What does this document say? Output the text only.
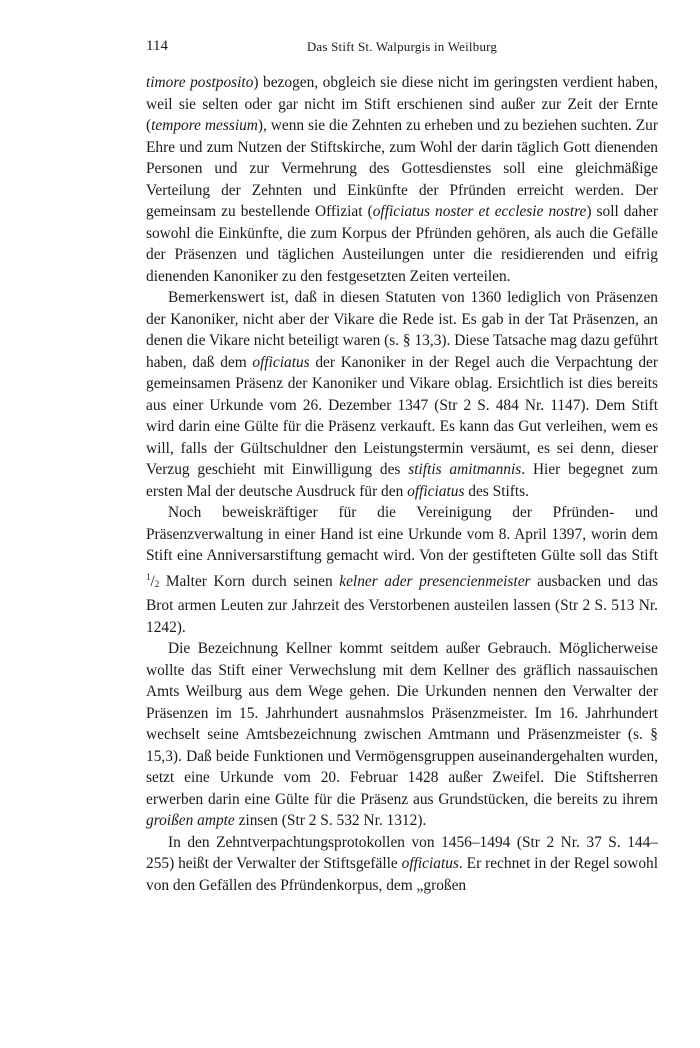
114	Das Stift St. Walpurgis in Weilburg

timore postposito) bezogen, obgleich sie diese nicht im geringsten verdient haben, weil sie selten oder gar nicht im Stift erschienen sind außer zur Zeit der Ernte (tempore messium), wenn sie die Zehnten zu erheben und zu beziehen suchten. Zur Ehre und zum Nutzen der Stiftskirche, zum Wohl der darin täglich Gott dienenden Personen und zur Vermehrung des Gottesdienstes soll eine gleichmäßige Verteilung der Zehnten und Einkünfte der Pfründen erreicht werden. Der gemeinsam zu bestellende Offiziat (officiatus noster et ecclesie nostre) soll daher sowohl die Einkünfte, die zum Korpus der Pfründen gehören, als auch die Gefälle der Präsenzen und täglichen Austeilungen unter die residierenden und eifrig dienenden Kanoniker zu den festgesetzten Zeiten verteilen.

Bemerkenswert ist, daß in diesen Statuten von 1360 lediglich von Präsenzen der Kanoniker, nicht aber der Vikare die Rede ist. Es gab in der Tat Präsenzen, an denen die Vikare nicht beteiligt waren (s. § 13,3). Diese Tatsache mag dazu geführt haben, daß dem officiatus der Kanoniker in der Regel auch die Verpachtung der gemeinsamen Präsenz der Kanoniker und Vikare oblag. Ersichtlich ist dies bereits aus einer Urkunde vom 26. Dezember 1347 (Str 2 S. 484 Nr. 1147). Dem Stift wird darin eine Gülte für die Präsenz verkauft. Es kann das Gut verleihen, wem es will, falls der Gültschuldner den Leistungstermin versäumt, es sei denn, dieser Verzug geschieht mit Einwilligung des stiftis amitmannis. Hier begegnet zum ersten Mal der deutsche Ausdruck für den officiatus des Stifts.

Noch beweiskräftiger für die Vereinigung der Pfründen- und Präsenzverwaltung in einer Hand ist eine Urkunde vom 8. April 1397, worin dem Stift eine Anniversarstiftung gemacht wird. Von der gestifteten Gülte soll das Stift $^1/_2$ Malter Korn durch seinen kelner ader presencienmeister ausbacken und das Brot armen Leuten zur Jahrzeit des Verstorbenen austeilen lassen (Str 2 S. 513 Nr. 1242).

Die Bezeichnung Kellner kommt seitdem außer Gebrauch. Möglicherweise wollte das Stift einer Verwechslung mit dem Kellner des gräflich nassauischen Amts Weilburg aus dem Wege gehen. Die Urkunden nennen den Verwalter der Präsenzen im 15. Jahrhundert ausnahmslos Präsenzmeister. Im 16. Jahrhundert wechselt seine Amtsbezeichnung zwischen Amtmann und Präsenzmeister (s. § 15,3). Daß beide Funktionen und Vermögensgruppen auseinandergehalten wurden, setzt eine Urkunde vom 20. Februar 1428 außer Zweifel. Die Stiftsherren erwerben darin eine Gülte für die Präsenz aus Grundstücken, die bereits zu ihrem groißen ampte zinsen (Str 2 S. 532 Nr. 1312).

In den Zehntverpachtungsprotokollen von 1456–1494 (Str 2 Nr. 37 S. 144–255) heißt der Verwalter der Stiftsgefälle officiatus. Er rechnet in der Regel sowohl von den Gefällen des Pfründenkorpus, dem „großen
